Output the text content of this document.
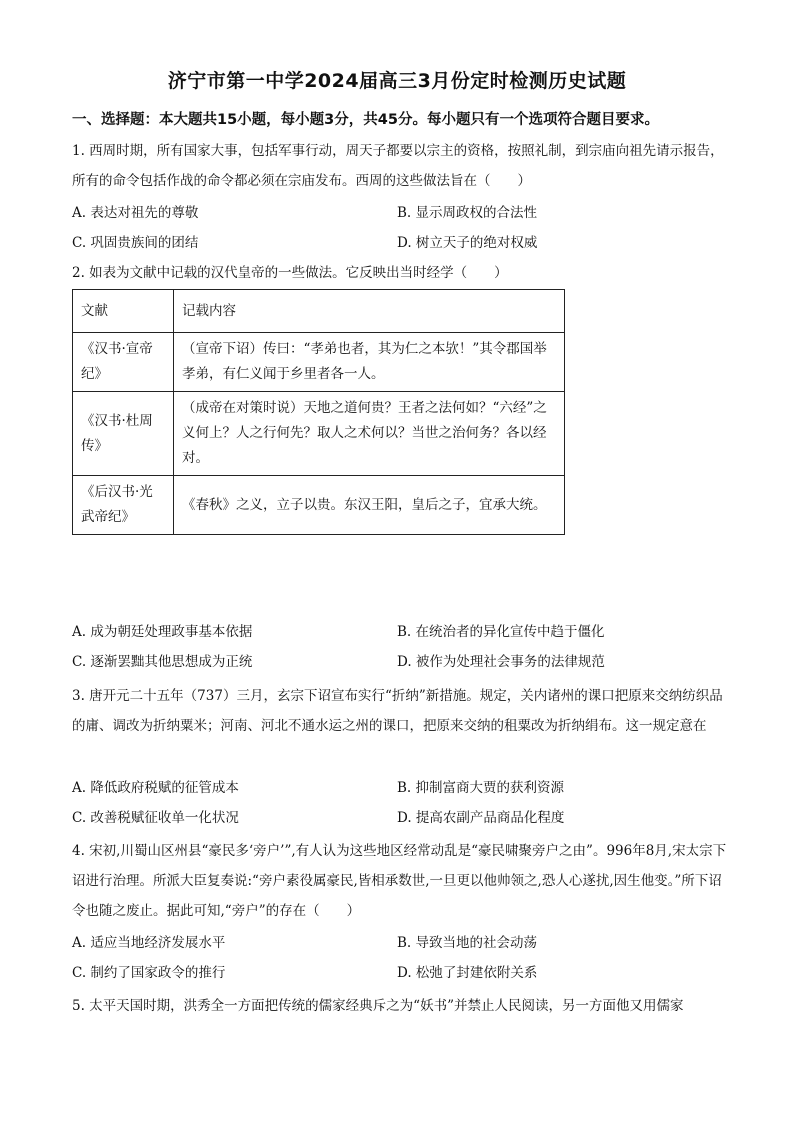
济宁市第一中学2024届高三3月份定时检测历史试题
一、选择题：本大题共15小题，每小题3分，共45分。每小题只有一个选项符合题目要求。
1. 西周时期，所有国家大事，包括军事行动，周天子都要以宗主的资格，按照礼制，到宗庙向祖先请示报告，所有的命令包括作战的命令都必须在宗庙发布。西周的这些做法旨在（　　）
A. 表达对祖先的尊敬	B. 显示周政权的合法性
C. 巩固贵族间的团结	D. 树立天子的绝对权威
2. 如表为文献中记载的汉代皇帝的一些做法。它反映出当时经学（　　）
文献	记载内容
《汉书·宣帝纪》	（宣帝下诏）传曰：“孝弟也者，其为仁之本欤！”其令郡国举孝弟，有仁义闻于乡里者各一人。
《汉书·杜周传》	（成帝在对策时说）天地之道何贵？王者之法何如？“六经”之义何上？人之行何先？取人之术何以？当世之治何务？各以经对。
《后汉书·光武帝纪》	《春秋》之义，立子以贵。东汉王阳，皇后之子，宜承大统。
A. 成为朝廷处理政事基本依据	B. 在统治者的异化宣传中趋于僵化
C. 逐渐罢黜其他思想成为正统	D. 被作为处理社会事务的法律规范
3. 唐开元二十五年（737）三月，玄宗下诏宣布实行“折纳”新措施。规定，关内诸州的课口把原来交纳纺织品的庸、调改为折纳粟米；河南、河北不通水运之州的课口，把原来交纳的租粟改为折纳绢布。这一规定意在
A. 降低政府税赋的征管成本	B. 抑制富商大贾的获利资源
C. 改善税赋征收单一化状况	D. 提高农副产品商品化程度
4. 宋初,川蜀山区州县“豪民多‘旁户’”,有人认为这些地区经常动乱是“豪民啸聚旁户之由”。996年8月,宋太宗下诏进行治理。所派大臣复奏说:“旁户素役属豪民,皆相承数世,一旦更以他帅领之,恐人心遂扰,因生他变。”所下诏令也随之废止。据此可知,“旁户”的存在（　　）
A. 适应当地经济发展水平	B. 导致当地的社会动荡
C. 制约了国家政令的推行	D. 松弛了封建依附关系
5. 太平天国时期，洪秀全一方面把传统的儒家经典斥之为“妖书”并禁止人民阅读，另一方面他又用儒家
